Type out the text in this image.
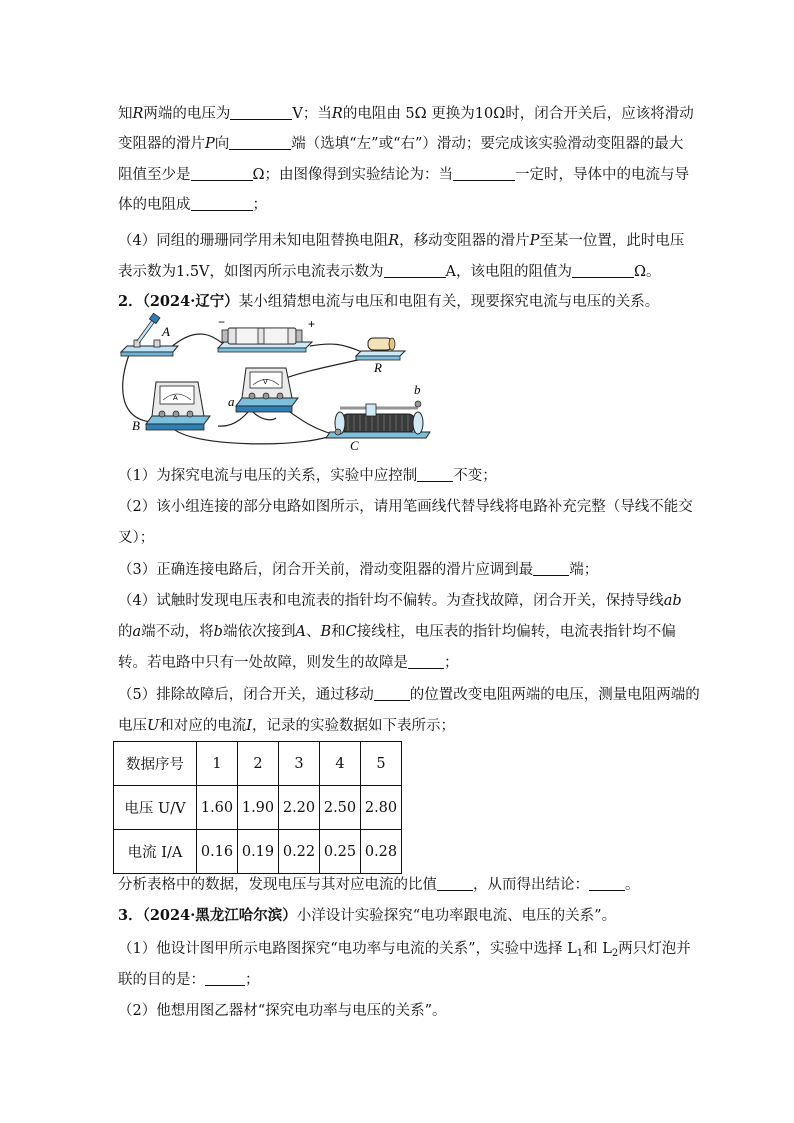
知R两端的电压为	V；当R的电阻由 5Ω 更换为10Ω时，闭合开关后，应该将滑动
变阻器的滑片P向	端（选填“左”或“右”）滑动；要完成该实验滑动变阻器的最大
阻值至少是	Ω；由图像得到实验结论为：当	一定时，导体中的电流与导
体的电阻成	；
（4）同组的珊珊同学用未知电阻替换电阻R，移动变阻器的滑片P至某一位置，此时电压
表示数为1.5V，如图丙所示电流表示数为	A，该电阻的阻值为	Ω。
2．（2024·辽宁）某小组猜想电流与电压和电阻有关，现要探究电流与电压的关系。
A
−	+
R
A
B
V
a
b
C
（1）为探究电流与电压的关系，实验中应控制 不变；
（2）该小组连接的部分电路如图所示，请用笔画线代替导线将电路补充完整（导线不能交
叉）；
（3）正确连接电路后，闭合开关前，滑动变阻器的滑片应调到最 端；
（4）试触时发现电压表和电流表的指针均不偏转。为查找故障，闭合开关，保持导线ab
的a端不动，将b端依次接到A、B和C接线柱，电压表的指针均偏转，电流表指针均不偏
转。若电路中只有一处故障，则发生的故障是 ；
（5）排除故障后，闭合开关，通过移动 的位置改变电阻两端的电压，测量电阻两端的
电压U和对应的电流I，记录的实验数据如下表所示；
数据序号	1	2	3	4	5
电压 U/V	1.60	1.90	2.20	2.50	2.80
电流 I/A	0.16	0.19	0.22	0.25	0.28
分析表格中的数据，发现电压与其对应电流的比值 ，从而得出结论： 。
3．（2024·黑龙江哈尔滨）小洋设计实验探究“电功率跟电流、电压的关系”。
（1）他设计图甲所示电路图探究“电功率与电流的关系”，实验中选择 $L_1$和 $L_2$两只灯泡并
联的目的是：	；
（2）他想用图乙器材“探究电功率与电压的关系”。
